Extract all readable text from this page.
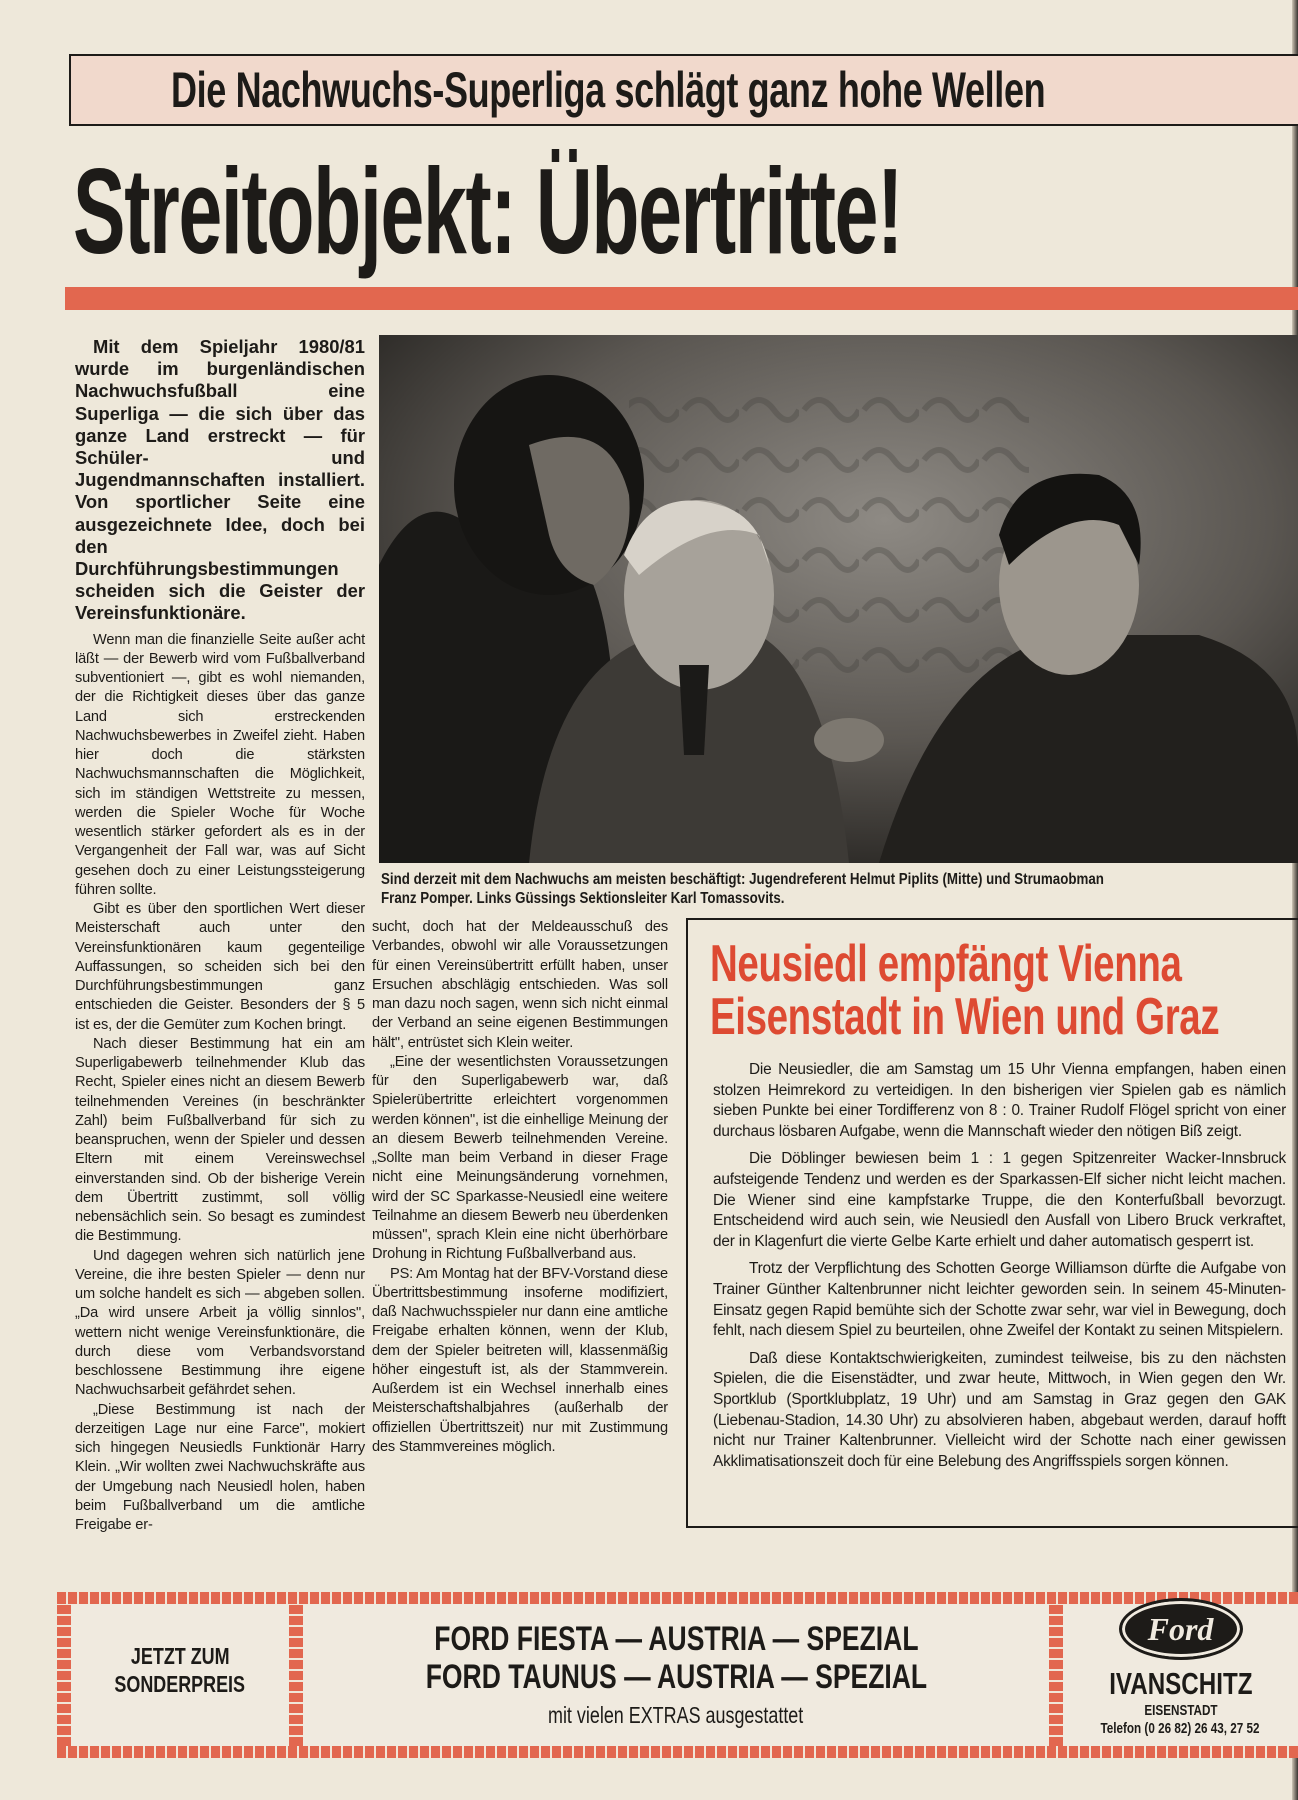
Die Nachwuchs-Superliga schlägt ganz hohe Wellen
Streitobjekt: Übertritte!
Mit dem Spieljahr 1980/81 wurde im burgenländischen Nachwuchsfußball eine Superliga — die sich über das ganze Land erstreckt — für Schüler- und Jugendmannschaften installiert. Von sportlicher Seite eine ausgezeichnete Idee, doch bei den Durchführungsbestimmungen scheiden sich die Geister der Vereinsfunktionäre.

Wenn man die finanzielle Seite außer acht läßt — der Bewerb wird vom Fußballverband subventioniert —, gibt es wohl niemanden, der die Richtigkeit dieses über das ganze Land sich erstreckenden Nachwuchsbewerbes in Zweifel zieht. Haben hier doch die stärksten Nachwuchsmannschaften die Möglichkeit, sich im ständigen Wettstreite zu messen, werden die Spieler Woche für Woche wesentlich stärker gefordert als es in der Vergangenheit der Fall war, was auf Sicht gesehen doch zu einer Leistungssteigerung führen sollte.

Gibt es über den sportlichen Wert dieser Meisterschaft auch unter den Vereinsfunktionären kaum gegenteilige Auffassungen, so scheiden sich bei den Durchführungsbestimmungen ganz entschieden die Geister. Besonders der § 5 ist es, der die Gemüter zum Kochen bringt.

Nach dieser Bestimmung hat ein am Superligabewerb teilnehmender Klub das Recht, Spieler eines nicht an diesem Bewerb teilnehmenden Vereines (in beschränkter Zahl) beim Fußballverband für sich zu beanspruchen, wenn der Spieler und dessen Eltern mit einem Vereinswechsel einverstanden sind. Ob der bisherige Verein dem Übertritt zustimmt, soll völlig nebensächlich sein. So besagt es zumindest die Bestimmung.

Und dagegen wehren sich natürlich jene Vereine, die ihre besten Spieler — denn nur um solche handelt es sich — abgeben sollen. „Da wird unsere Arbeit ja völlig sinnlos", wettern nicht wenige Vereinsfunktionäre, die durch diese vom Verbandsvorstand beschlossene Bestimmung ihre eigene Nachwuchsarbeit gefährdet sehen.

„Diese Bestimmung ist nach der derzeitigen Lage nur eine Farce", mokiert sich hingegen Neusiedls Funktionär Harry Klein. „Wir wollten zwei Nachwuchskräfte aus der Umgebung nach Neusiedl holen, haben beim Fußballverband um die amtliche Freigabe er-

sucht, doch hat der Meldeausschuß des Verbandes, obwohl wir alle Voraussetzungen für einen Vereinsübertritt erfüllt haben, unser Ersuchen abschlägig entschieden. Was soll man dazu noch sagen, wenn sich nicht einmal der Verband an seine eigenen Bestimmungen hält", entrüstet sich Klein weiter.

„Eine der wesentlichsten Voraussetzungen für den Superligabewerb war, daß Spielerübertritte erleichtert vorgenommen werden können", ist die einhellige Meinung der an diesem Bewerb teilnehmenden Vereine. „Sollte man beim Verband in dieser Frage nicht eine Meinungsänderung vornehmen, wird der SC Sparkasse-Neusiedl eine weitere Teilnahme an diesem Bewerb neu überdenken müssen", sprach Klein eine nicht überhörbare Drohung in Richtung Fußballverband aus.

PS: Am Montag hat der BFV-Vorstand diese Übertrittsbestimmung insoferne modifiziert, daß Nachwuchsspieler nur dann eine amtliche Freigabe erhalten können, wenn der Klub, dem der Spieler beitreten will, klassenmäßig höher eingestuft ist, als der Stammverein. Außerdem ist ein Wechsel innerhalb eines Meisterschaftshalbjahres (außerhalb der offiziellen Übertrittszeit) nur mit Zustimmung des Stammvereines möglich.

Sind derzeit mit dem Nachwuchs am meisten beschäftigt: Jugendreferent Helmut Piplits (Mitte) und Strumaobman
Franz Pomper. Links Güssings Sektionsleiter Karl Tomassovits.
Neusiedl empfängt Vienna
Eisenstadt in Wien und Graz

Die Neusiedler, die am Samstag um 15 Uhr Vienna empfangen, haben einen stolzen Heimrekord zu verteidigen. In den bisherigen vier Spielen gab es nämlich sieben Punkte bei einer Tordifferenz von 8 : 0. Trainer Rudolf Flögel spricht von einer durchaus lösbaren Aufgabe, wenn die Mannschaft wieder den nötigen Biß zeigt.

Die Döblinger bewiesen beim 1 : 1 gegen Spitzenreiter Wacker-Innsbruck aufsteigende Tendenz und werden es der Sparkassen-Elf sicher nicht leicht machen. Die Wiener sind eine kampfstarke Truppe, die den Konterfußball bevorzugt. Entscheidend wird auch sein, wie Neusiedl den Ausfall von Libero Bruck verkraftet, der in Klagenfurt die vierte Gelbe Karte erhielt und daher automatisch gesperrt ist.

Trotz der Verpflichtung des Schotten George Williamson dürfte die Aufgabe von Trainer Günther Kaltenbrunner nicht leichter geworden sein. In seinem 45-Minuten-Einsatz gegen Rapid bemühte sich der Schotte zwar sehr, war viel in Bewegung, doch fehlt, nach diesem Spiel zu beurteilen, ohne Zweifel der Kontakt zu seinen Mitspielern.

Daß diese Kontaktschwierigkeiten, zumindest teilweise, bis zu den nächsten Spielen, die die Eisenstädter, und zwar heute, Mittwoch, in Wien gegen den Wr. Sportklub (Sportklubplatz, 19 Uhr) und am Samstag in Graz gegen den GAK (Liebenau-Stadion, 14.30 Uhr) zu absolvieren haben, abgebaut werden, darauf hofft nicht nur Trainer Kaltenbrunner. Vielleicht wird der Schotte nach einer gewissen Akklimatisationszeit doch für eine Belebung des Angriffsspiels sorgen können.

JETZT ZUM
SONDERPREIS
FORD FIESTA — AUSTRIA — SPEZIAL
FORD TAUNUS — AUSTRIA — SPEZIAL
mit vielen EXTRAS ausgestattet
Ford
IVANSCHITZ
EISENSTADT
Telefon (0 26 82) 26 43, 27 52
